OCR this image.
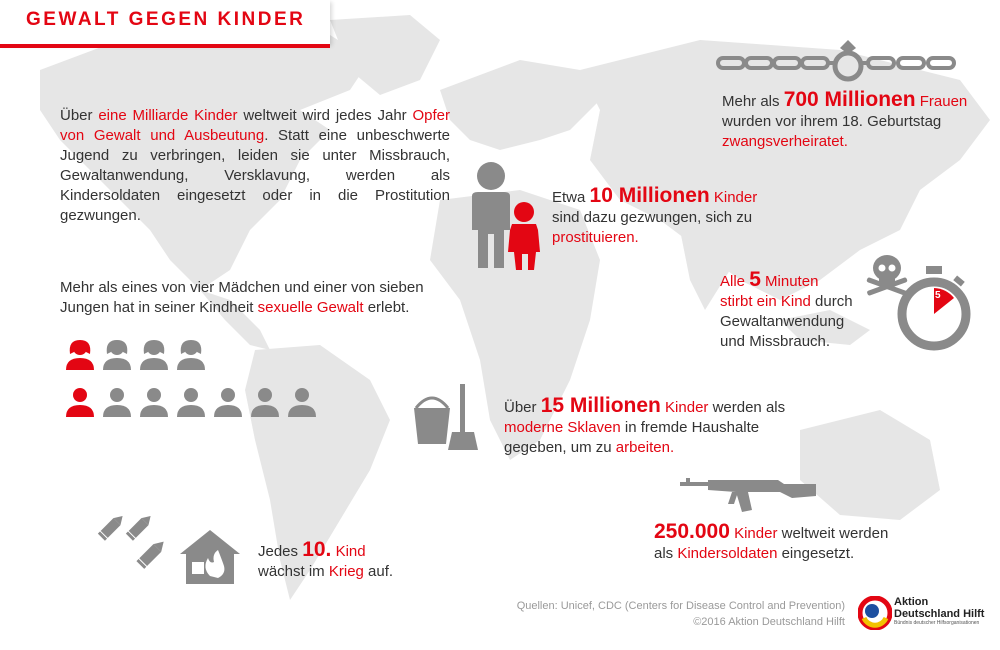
GEWALT GEGEN KINDER
Über eine Milliarde Kinder weltweit wird jedes Jahr Opfer von Gewalt und Ausbeutung. Statt eine unbeschwerte Jugend zu verbringen, leiden sie unter Missbrauch, Gewaltanwendung, Versklavung, werden als Kindersoldaten eingesetzt oder in die Prostitution gezwungen.
Mehr als 700 Millionen Frauen
wurden vor ihrem 18. Geburtstag
zwangsverheiratet.
Etwa 10 Millionen Kinder
sind dazu gezwungen, sich zu
prostituieren.
Alle 5 Minuten
stirbt ein Kind durch
Gewaltanwendung
und Missbrauch.
5
Mehr als eines von vier Mädchen und einer von sieben Jungen hat in seiner Kindheit sexuelle Gewalt erlebt.
Über 15 Millionen Kinder werden als
moderne Sklaven in fremde Haushalte
gegeben, um zu arbeiten.
250.000 Kinder weltweit werden
als Kindersoldaten eingesetzt.
Jedes 10. Kind
wächst im Krieg auf.
Quellen: Unicef, CDC (Centers for Disease Control and Prevention)
©2016 Aktion Deutschland Hilft
Aktion
Deutschland Hilft
Bündnis deutscher Hilfsorganisationen
